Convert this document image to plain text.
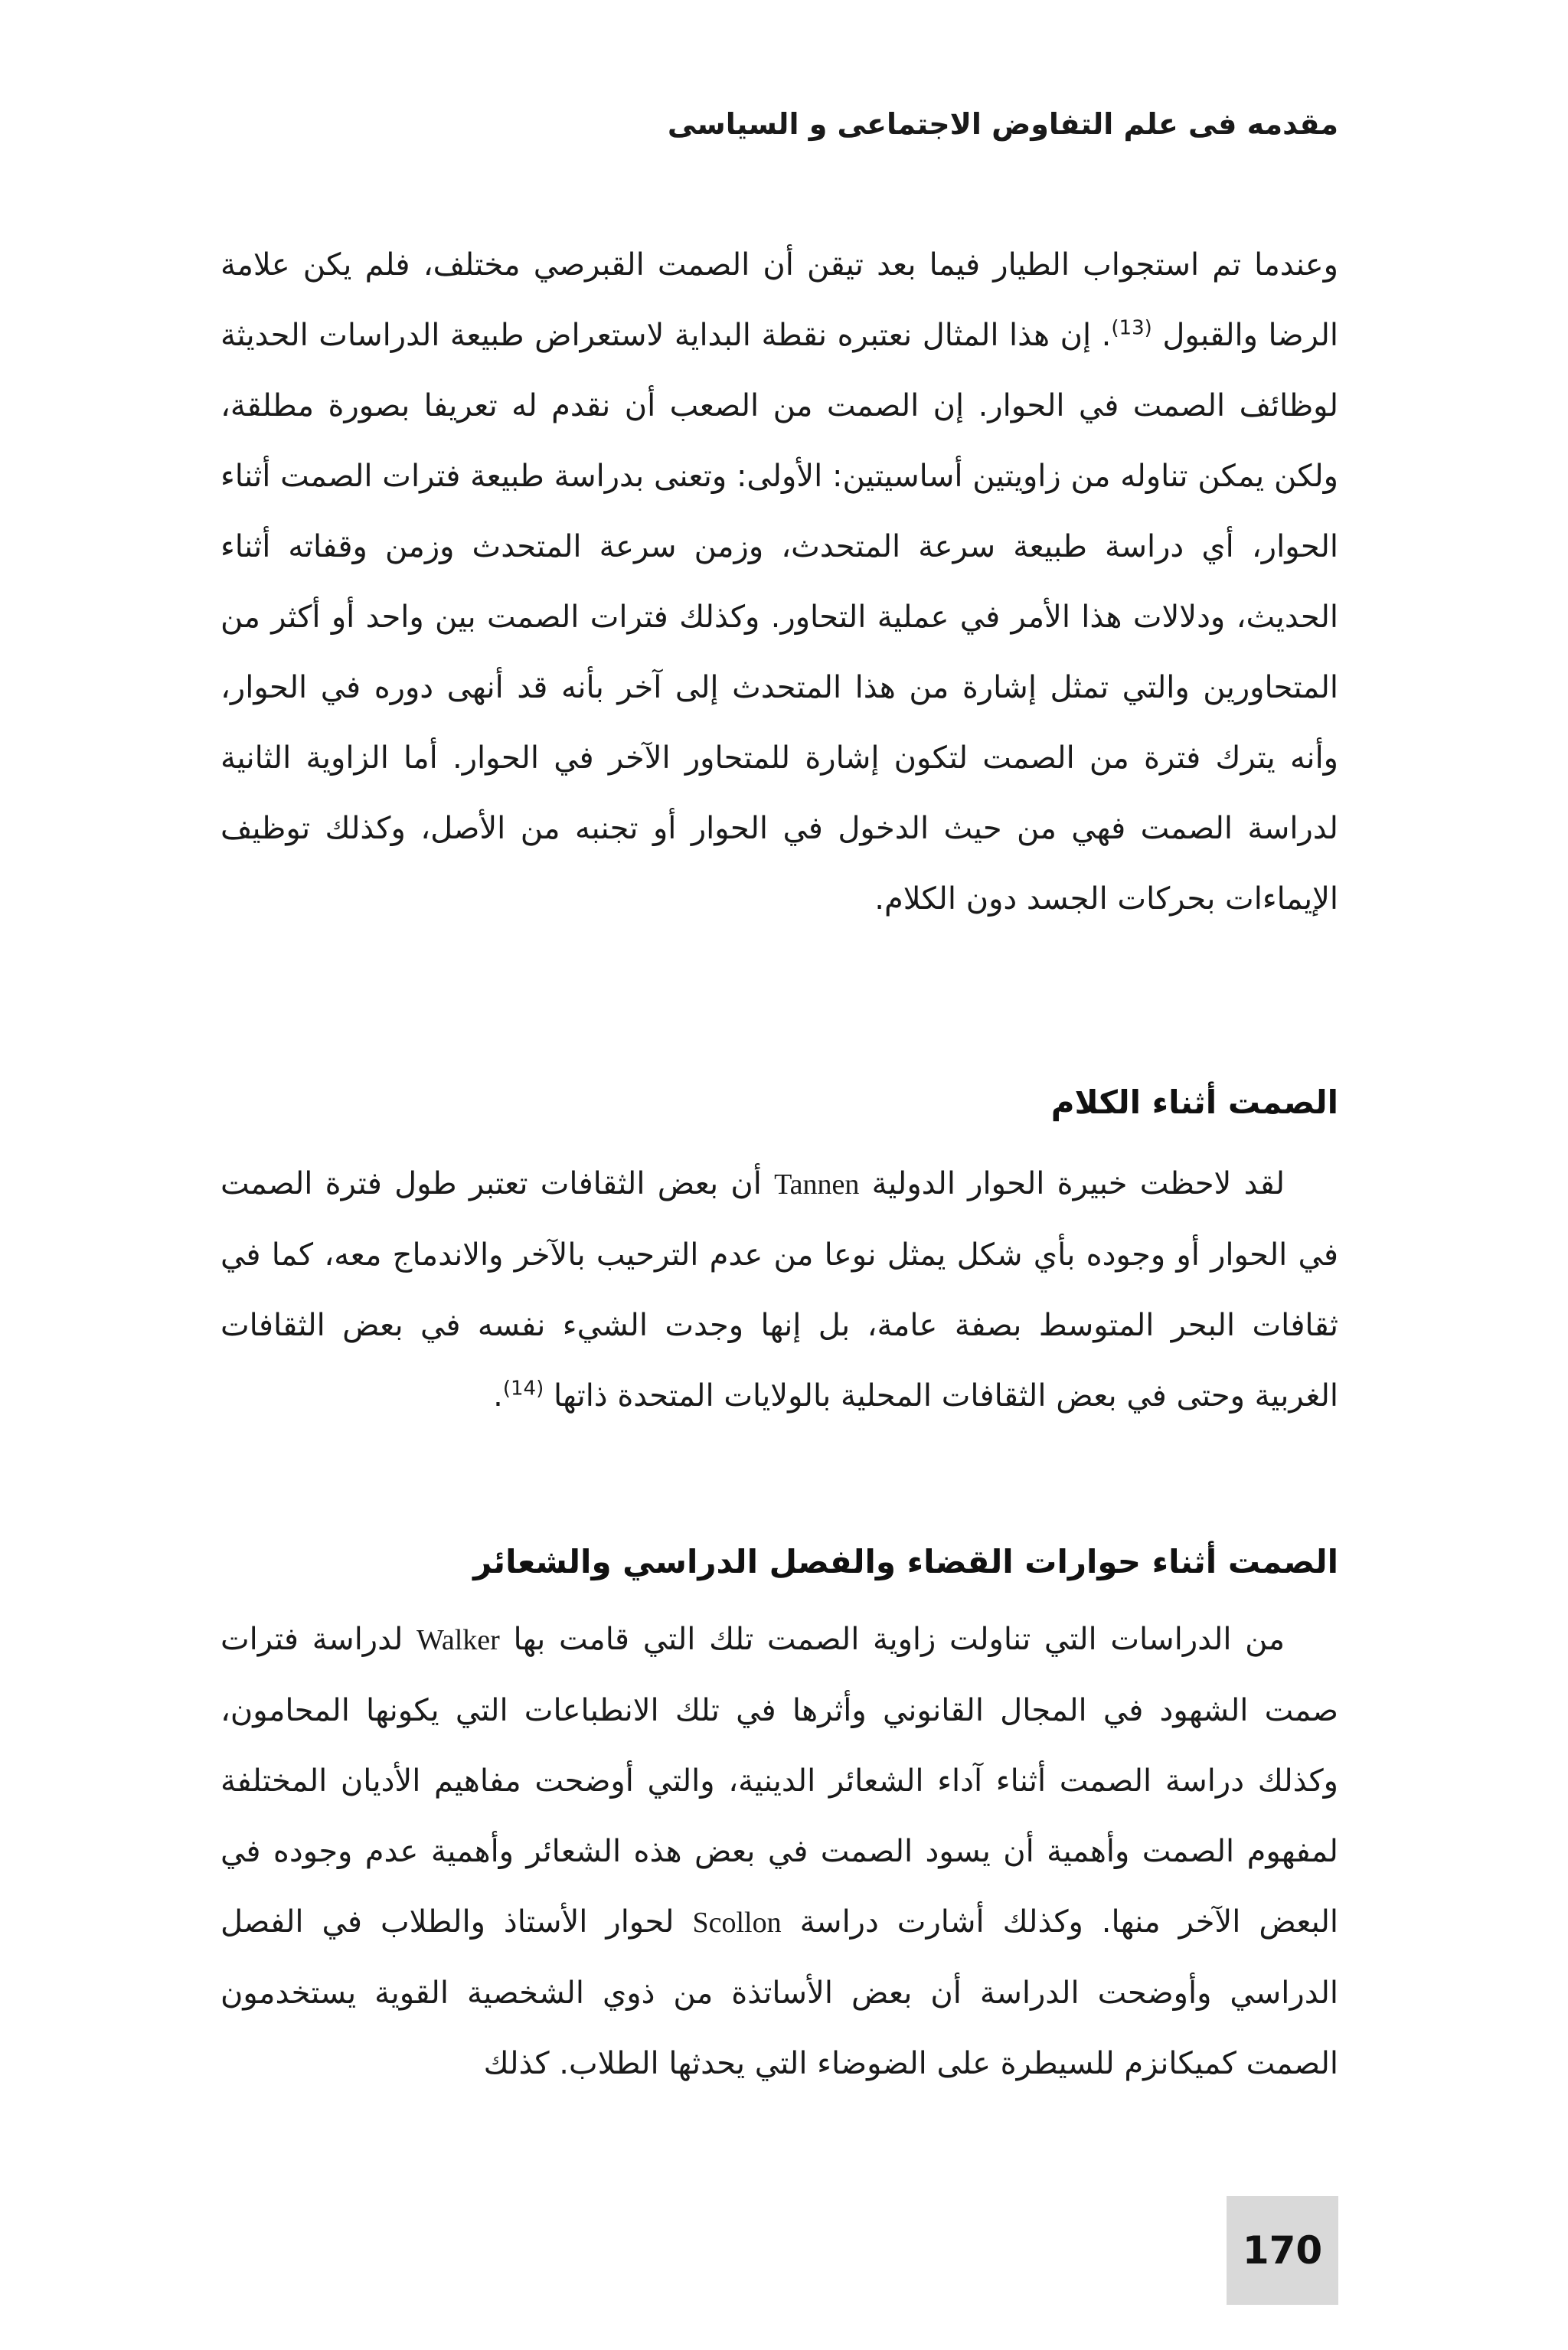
مقدمه فى علم التفاوض الاجتماعى و السياسى

وعندما تم استجواب الطيار فيما بعد تيقن أن الصمت القبرصي مختلف، فلم يكن علامة الرضا والقبول $^{(13)}$. إن هذا المثال نعتبره نقطة البداية لاستعراض طبيعة الدراسات الحديثة لوظائف الصمت في الحوار. إن الصمت من الصعب أن نقدم له تعريفا بصورة مطلقة، ولكن يمكن تناوله من زاويتين أساسيتين: الأولى: وتعنى بدراسة طبيعة فترات الصمت أثناء الحوار، أي دراسة طبيعة سرعة المتحدث، وزمن سرعة المتحدث وزمن وقفاته أثناء الحديث، ودلالات هذا الأمر في عملية التحاور. وكذلك فترات الصمت بين واحد أو أكثر من المتحاورين والتي تمثل إشارة من هذا المتحدث إلى آخر بأنه قد أنهى دوره في الحوار، وأنه يترك فترة من الصمت لتكون إشارة للمتحاور الآخر في الحوار. أما الزاوية الثانية لدراسة الصمت فهي من حيث الدخول في الحوار أو تجنبه من الأصل، وكذلك توظيف الإيماءات بحركات الجسد دون الكلام.

الصمت أثناء الكلام

لقد لاحظت خبيرة الحوار الدولية Tannen أن بعض الثقافات تعتبر طول فترة الصمت في الحوار أو وجوده بأي شكل يمثل نوعا من عدم الترحيب بالآخر والاندماج معه، كما في ثقافات البحر المتوسط بصفة عامة، بل إنها وجدت الشيء نفسه في بعض الثقافات الغربية وحتى في بعض الثقافات المحلية بالولايات المتحدة ذاتها $^{(14)}$.

الصمت أثناء حوارات القضاء والفصل الدراسي والشعائر

من الدراسات التي تناولت زاوية الصمت تلك التي قامت بها Walker لدراسة فترات صمت الشهود في المجال القانوني وأثرها في تلك الانطباعات التي يكونها المحامون، وكذلك دراسة الصمت أثناء آداء الشعائر الدينية، والتي أوضحت مفاهيم الأديان المختلفة لمفهوم الصمت وأهمية أن يسود الصمت في بعض هذه الشعائر وأهمية عدم وجوده في البعض الآخر منها. وكذلك أشارت دراسة Scollon لحوار الأستاذ والطلاب في الفصل الدراسي وأوضحت الدراسة أن بعض الأساتذة من ذوي الشخصية القوية يستخدمون الصمت كميكانزم للسيطرة على الضوضاء التي يحدثها الطلاب. كذلك

170
